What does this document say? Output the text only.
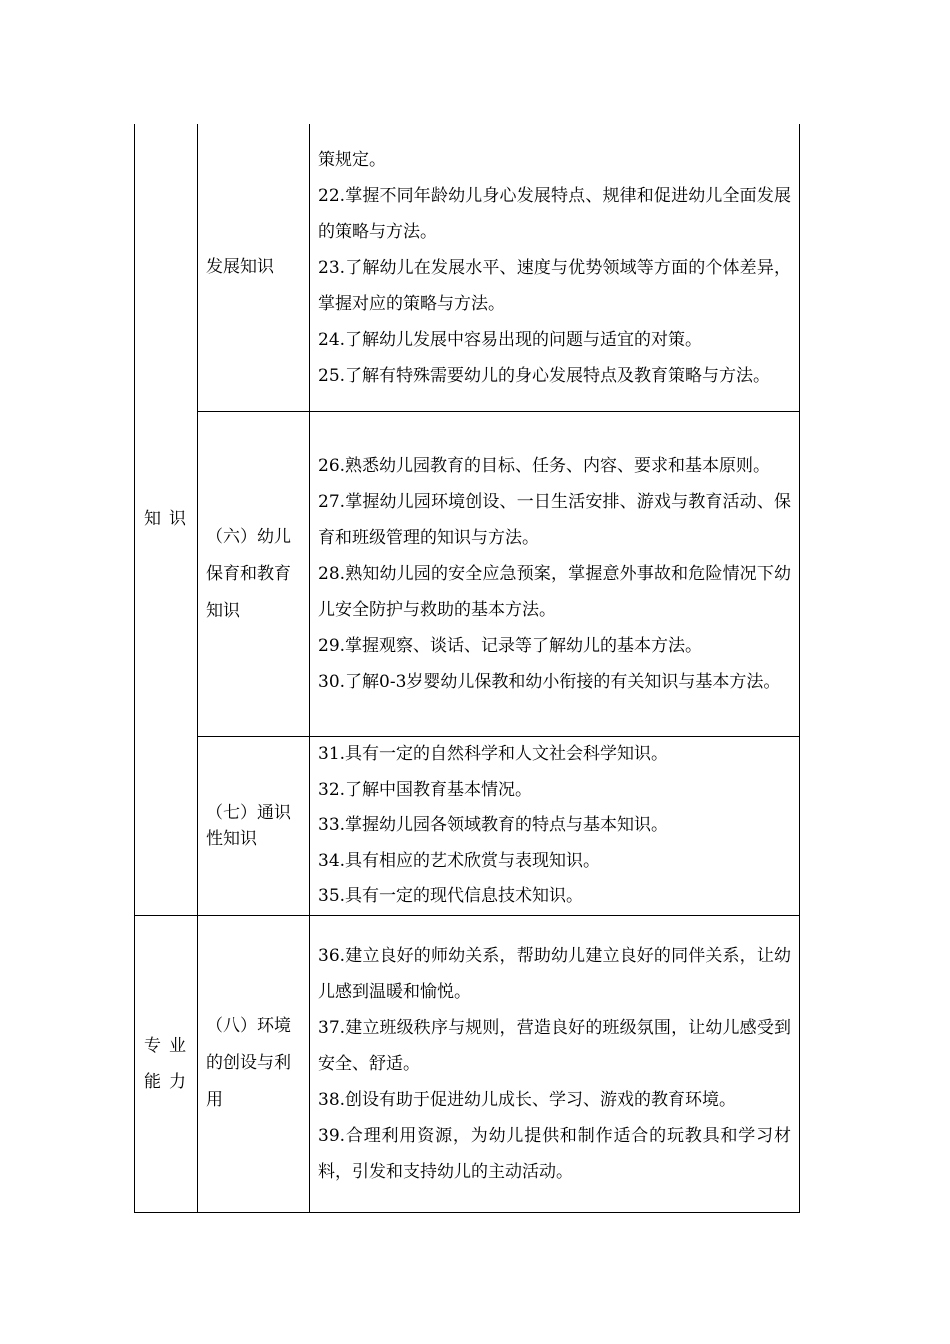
知识	发展知识	策规定。

22.掌握不同年龄幼儿身心发展特点、规律和促进幼儿全面发展的策略与方法。

23.了解幼儿在发展水平、速度与优势领域等方面的个体差异，掌握对应的策略与方法。

24.了解幼儿发展中容易出现的问题与适宜的对策。

25.了解有特殊需要幼儿的身心发展特点及教育策略与方法。

	（六）幼儿保育和教育知识	26.熟悉幼儿园教育的目标、任务、内容、要求和基本原则。

27.掌握幼儿园环境创设、一日生活安排、游戏与教育活动、保育和班级管理的知识与方法。

28.熟知幼儿园的安全应急预案，掌握意外事故和危险情况下幼儿安全防护与救助的基本方法。

29.掌握观察、谈话、记录等了解幼儿的基本方法。

30.了解0-3岁婴幼儿保教和幼小衔接的有关知识与基本方法。

	（七）通识性知识	31.具有一定的自然科学和人文社会科学知识。

32.了解中国教育基本情况。

33.掌握幼儿园各领域教育的特点与基本知识。

34.具有相应的艺术欣赏与表现知识。

35.具有一定的现代信息技术知识。

专业能力	（八）环境的创设与利用	36.建立良好的师幼关系，帮助幼儿建立良好的同伴关系，让幼儿感到温暖和愉悦。

37.建立班级秩序与规则，营造良好的班级氛围，让幼儿感受到安全、舒适。

38.创设有助于促进幼儿成长、学习、游戏的教育环境。

39.合理利用资源，为幼儿提供和制作适合的玩教具和学习材料，引发和支持幼儿的主动活动。
